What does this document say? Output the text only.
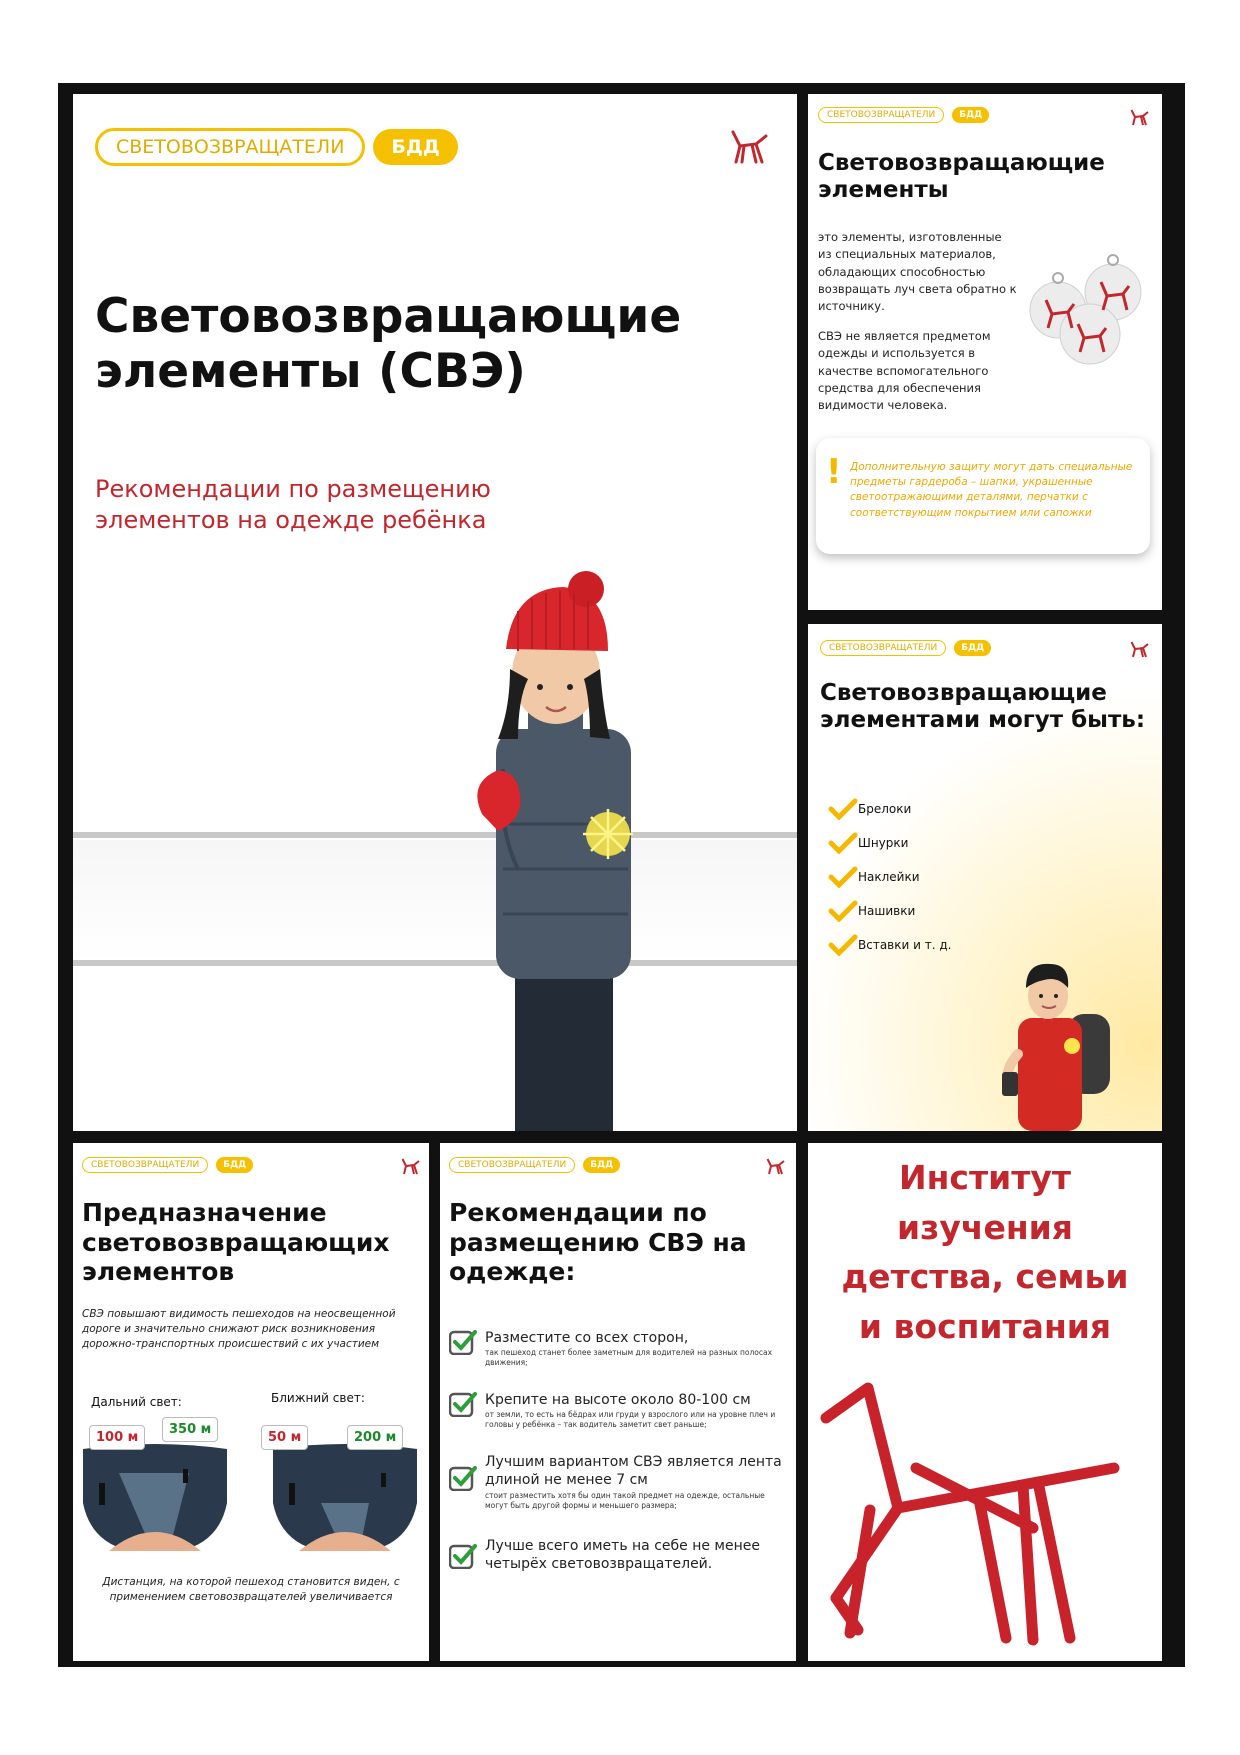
СВЕТОВОЗВРАЩАТЕЛИ	БДД
Световозвращающие элементы (СВЭ)
Рекомендации по размещению элементов на одежде ребёнка
СВЕТОВОЗВРАЩАТЕЛИ	БДД
Световозвращающие элементы
это элементы, изготовленные из специальных материалов, обладающих способностью возвращать луч света обратно к источнику.
СВЭ не является предметом одежды и используется в качестве вспомогательного средства для обеспечения видимости человека.
! Дополнительную защиту могут дать специальные предметы гардероба – шапки, украшенные светоотражающими деталями, перчатки с соответствующим покрытием или сапожки
СВЕТОВОЗВРАЩАТЕЛИ	БДД
Световозвращающие элементами могут быть:
Брелоки
Шнурки
Наклейки
Нашивки
Вставки и т. д.
СВЕТОВОЗВРАЩАТЕЛИ	БДД
Предназначение световозвращающих элементов
СВЭ повышают видимость пешеходов на неосвещенной дороге и значительно снижают риск возникновения дорожно-транспортных происшествий с их участием
Дальний свет:	Ближний свет:
100 м
350 м
50 м	200 м
Дистанция, на которой пешеход становится виден, с применением световозвращателей увеличивается
СВЕТОВОЗВРАЩАТЕЛИ	БДД
Рекомендации по размещению СВЭ на одежде:
Разместите со всех сторон,
так пешеход станет более заметным для водителей на разных полосах движения;
Крепите на высоте около 80-100 см
от земли, то есть на бёдрах или груди у взрослого или на уровне плеч и головы у ребёнка – так водитель заметит свет раньше;
Лучшим вариантом СВЭ является лента длиной не менее 7 см
стоит разместить хотя бы один такой предмет на одежде, остальные могут быть другой формы и меньшего размера;
Лучше всего иметь на себе не менее четырёх световозвращателей.
Институт
изучения
детства, семьи
и воспитания
